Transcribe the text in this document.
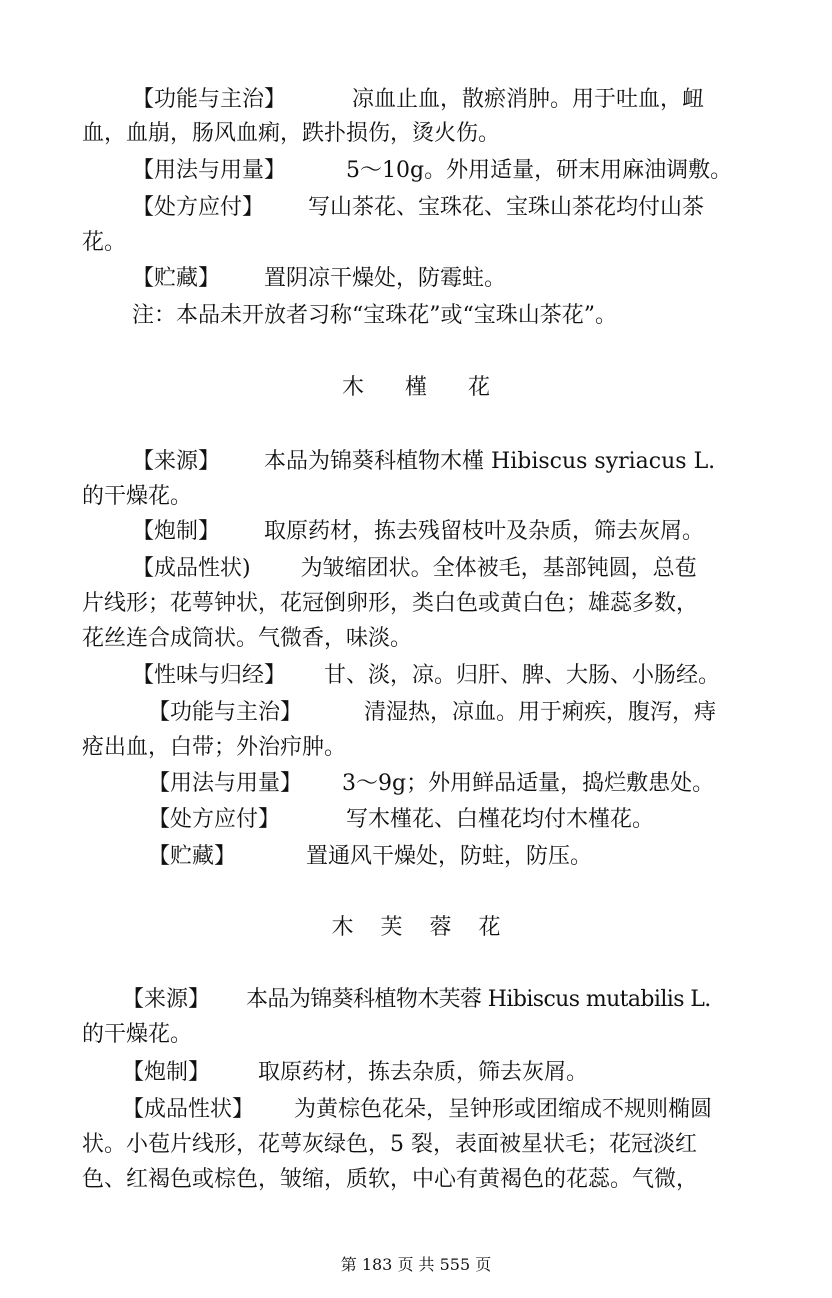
【功能与主治】	凉血止血，散瘀消肿。用于吐血，衄
血，血崩，肠风血痢，跌扑损伤，烫火伤。
【用法与用量】	5～10g。外用适量，研末用麻油调敷。
【处方应付】 写山茶花、宝珠花、宝珠山茶花均付山茶
花。
【贮藏】 置阴凉干燥处，防霉蛀。
注：本品未开放者习称“宝珠花”或“宝珠山茶花”。
木 槿 花
【来源】 本品为锦葵科植物木槿 Hibiscus syriacus L.
的干燥花。
【炮制】 取原药材，拣去残留枝叶及杂质，筛去灰屑。
【成品性状) 为皱缩团状。全体被毛，基部钝圆，总苞
片线形；花萼钟状，花冠倒卵形，类白色或黄白色；雄蕊多数，
花丝连合成筒状。气微香，味淡。
【性味与归经】 甘、淡，凉。归肝、脾、大肠、小肠经。
【功能与主治】	清湿热，凉血。用于痢疾，腹泻，痔
疮出血，白带；外治疖肿。
【用法与用量】 3～9g；外用鲜品适量，捣烂敷患处。
【处方应付】	写木槿花、白槿花均付木槿花。
【贮藏】	置通风干燥处，防蛀，防压。
木 芙 蓉 花
【来源】 本品为锦葵科植物木芙蓉 Hibiscus mutabilis L.
的干燥花。
【炮制】 取原药材，拣去杂质，筛去灰屑。
【成品性状】 为黄棕色花朵，呈钟形或团缩成不规则椭圆
状。小苞片线形，花萼灰绿色，5 裂，表面被星状毛；花冠淡红
色、红褐色或棕色，皱缩，质软，中心有黄褐色的花蕊。气微，
第 183 页 共 555 页
